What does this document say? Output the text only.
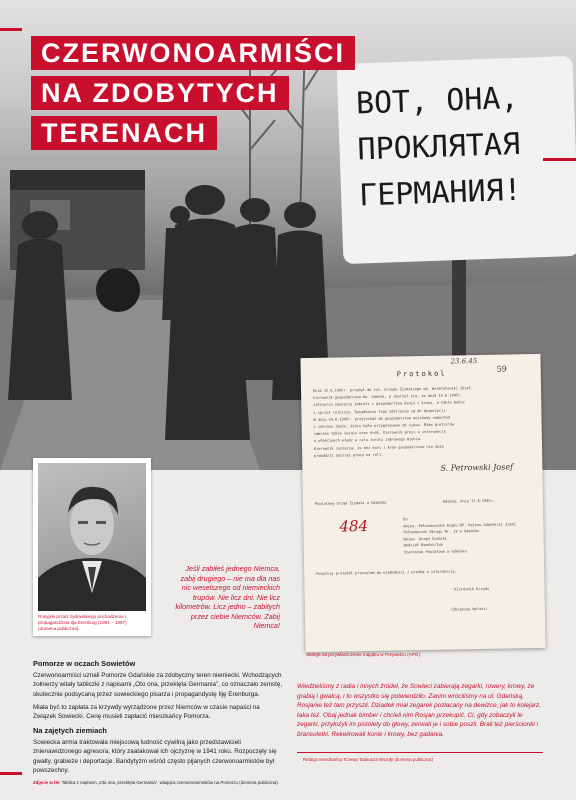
ВОТ, ОНА,
ПРОКЛЯТАЯ
ГЕРМАНИЯ!
CZERWONOARMIŚCI
NA ZDOBYTYCH
TERENACH
Rosyjski przaiz żydowskiego pochodzenia i propagandzista Ilja Erenburg (1891 – 1967) (domena publiczna).
Jeśli zabiłeś jednego Niemca, zabij drugiego – nie ma dla nas nic weselszego od niemieckich trupów. Nie licz dni. Nie licz kilometrów. Licz jedno – zabitych przez ciebie Niemców. Zabij Niemca!
Protokol
59
23.6.45
Dnia 15.6.1945r. przybył do tut. Urzędu Ziemskiego ob. Weiblatowski Józef,
kierownik gospodarstwa Ow. Gdańsk, a skarżył się, że dnia 15.6.1945r.
żołnierze sowieccy zabrali z gospodarstwa konie i krowy, a także meble
i sprzęt rolniczy. Świadkowie tego zdarzenia są do dyspozycji.
W dniu 14.6.1945r. przyjechał do gospodarstwa wojskowy samochód
i zabrano zboże, które było przygotowane do siewu. Mimo protestów
zabrano także świnie oraz drób. Kierownik prosi o interwencję
u właściwych władz w celu zwrotu zabranego mienia.
Kierownik zaznacza, że bez koni i krów gospodarstwo nie może
prowadzić dalszej pracy na roli.
S. Petrowski Josef
Powiatowy Urząd Ziemski w Gdańsku	Gdańsk, dnia 17.6.1945r.
484	Do
Wojew. Pełnomocnika Rządu RP. Rejonu Gdańskiej Ziemi
Pełnomocnik Okręgu Nr. IV w Gdańsku
Wojew. Urząd Ziemski
Wydział Osadnictwa
Starostwo Powiatowe w Gdańsku
Powyższy protokół przesyłam do wiadomości z prośbą o interwencję.
Kierownik Urzędu
(Zbigniew Wolski)
Skarga na przywłaszczenie majątku w Przywidzu (APG).
Pomorze w oczach Sowietów
Czerwonoarmiści uznali Pomorze Gdańskie za zdobyczny teren niemiecki. Wchodzących żołnierzy witały tabliczki z napisami „Oto ona, przeklęta Germania”, co oznaczało zemstę, skutecznie podsycaną przez sowieckiego pisarza i propagandystę Ilję Erenburga.
Miała być to zapłata za krzywdy wyrządzone przez Niemców w czasie napaści na Związek Sowiecki. Cenę musieli zapłacić mieszkańcy Pomorza.
Na zajętych ziemiach
Sowiecka armia traktowała miejscową ludność cywilną jako przedstawicieli znienawidzonego agresora, który zaatakował ich ojczyznę w 1941 roku. Rozpoczęły się gwałty, grabieże i deportacje. Bandytyzm wśród często pijanych czerwonoarmistów był powszechny.
Wiedzieliśmy z radia i innych źródeł, że Sowieci zabierają zegarki, rowery, krowy, że grabią i gwałcą, i to wszystko się potwierdziło. Zanim wróciliśmy na ul. Gdańską, Rosjanie też tam przyszli. Dziadek miał zegarek pozłacany na dewizce, jak to kolejarz, taka też. Obaj jednak bimber i chcieli nim Rosjan przekupić. Cl, gdy zobaczyli te zegarki, przyłożyli im pistolety do głowy, zerwali je i sobie poszli. Brali też pierścionki i bransoletki. Rekwirowali konie i krowy, bez gadania.
Relacja mieszkańca Tczewa Tadeusza Wszoły (domena publiczna)
Zdjęcie w tle: Tablica z napisem „Oto ona, przeklęta Germania”, witająca czerwonoarmistów na Pomorzu (domena publiczna).
